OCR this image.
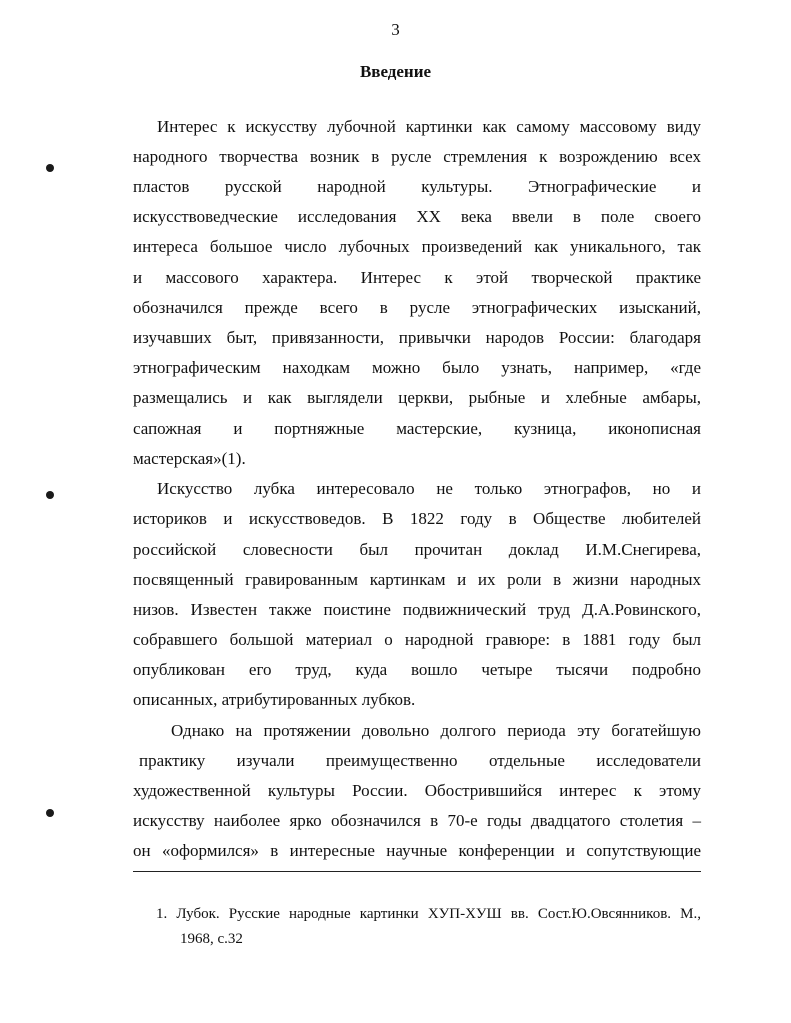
3
Введение
Интерес к искусству лубочной картинки как самому массовому виду
народного творчества возник в русле стремления к возрождению всех
пластов русской народной культуры. Этнографические и
искусствоведческие исследования XX века ввели в поле своего
интереса большое число лубочных произведений как уникального, так
и массового характера. Интерес к этой творческой практике
обозначился прежде всего в русле этнографических изысканий,
изучавших быт, привязанности, привычки народов России: благодаря
этнографическим находкам можно было узнать, например, «где
размещались и как выглядели церкви, рыбные и хлебные амбары,
сапожная и портняжные мастерские, кузница, иконописная
мастерская»(1).
Искусство лубка интересовало не только этнографов, но и
историков и искусствоведов. В 1822 году в Обществе любителей
российской словесности был прочитан доклад И.М.Снегирева,
посвященный гравированным картинкам и их роли в жизни народных
низов. Известен также поистине подвижнический труд Д.А.Ровинского,
собравшего большой материал о народной гравюре: в 1881 году был
опубликован его труд, куда вошло четыре тысячи подробно
описанных, атрибутированных лубков.
Однако на протяжении довольно долгого периода эту богатейшую
практику изучали преимущественно отдельные исследователи
художественной культуры России. Обострившийся интерес к этому
искусству наиболее ярко обозначился в 70-е годы двадцатого столетия –
он «оформился» в интересные научные конференции и сопутствующие
1. Лубок. Русские народные картинки ХУП-ХУШ вв. Сост.Ю.Овсянников. М.,
1968, с.32
